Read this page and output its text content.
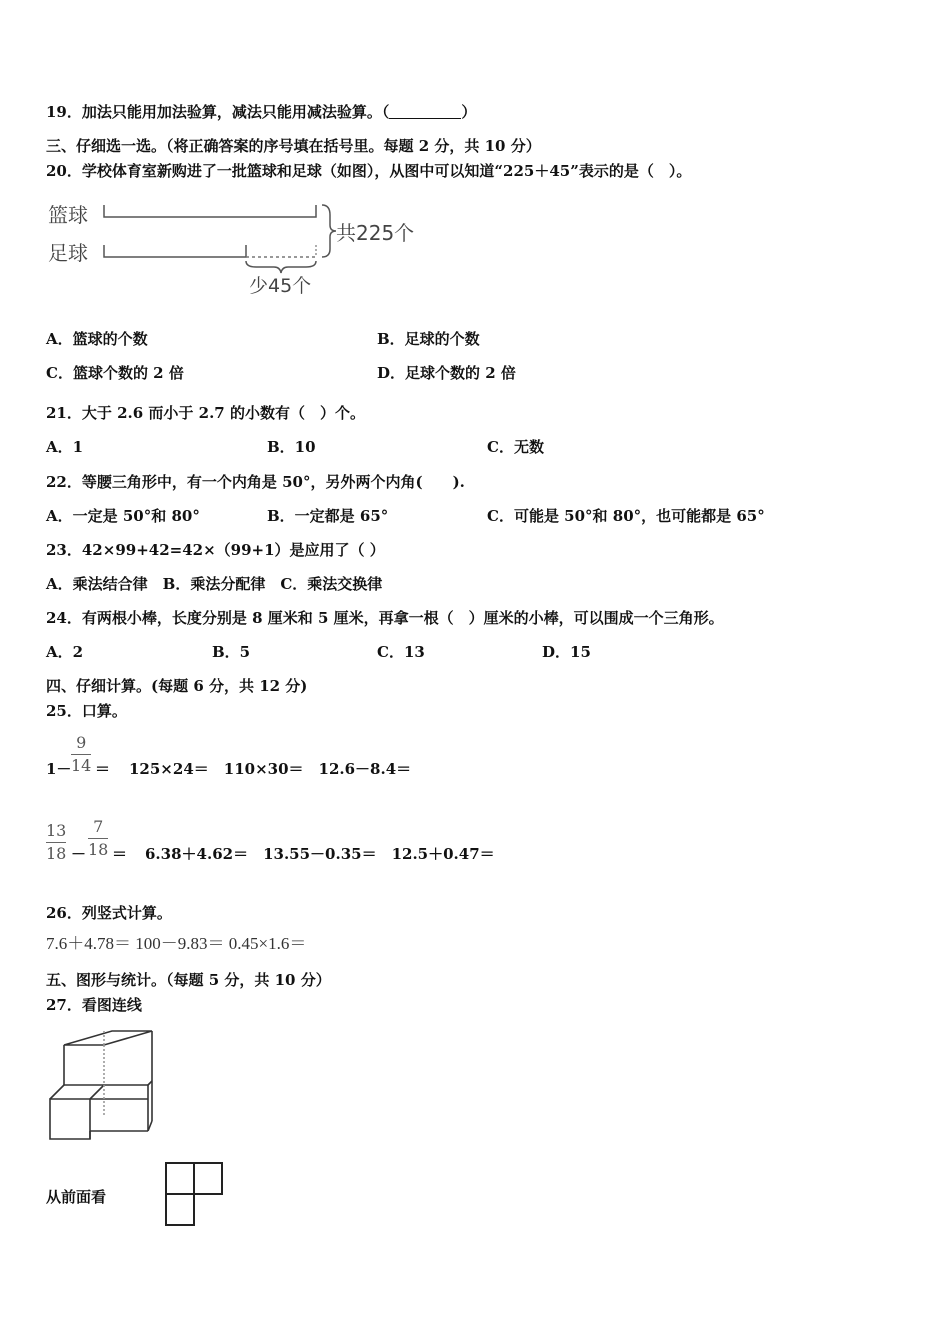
19．加法只能用加法验算，减法只能用减法验算。（	）
三、仔细选一选。（将正确答案的序号填在括号里。每题 2 分，共 10 分）
20．学校体育室新购进了一批篮球和足球（如图），从图中可以知道“225＋45”表示的是（　）。
篮球
足球
共225个
少45个
A．篮球的个数	B．足球的个数
C．篮球个数的 2 倍	D．足球个数的 2 倍
21．大于 2.6 而小于 2.7 的小数有（　）个。
A．1	B．10	C．无数
22．等腰三角形中，有一个内角是 50°，另外两个内角(　　).
A．一定是 50°和 80°	B．一定都是 65°	C．可能是 50°和 80°，也可能都是 65°
23．42×99+42=42×（99+1）是应用了（ ）
A．乘法结合律　B．乘法分配律　C．乘法交换律
24．有两根小棒，长度分别是 8 厘米和 5 厘米，再拿一根（　）厘米的小棒，可以围成一个三角形。
A．2	B．5	C．13	D．15
四、仔细计算。(每题 6 分，共 12 分)
25．口算。
1－
9
14 ＝ 125×24＝　110×30＝　12.6－8.4＝
13
18 －
7
18 ＝ 6.38＋4.62＝　13.55－0.35＝　12.5＋0.47＝
26．列竖式计算。
7.6＋4.78＝ 100－9.83＝ 0.45×1.6＝
五、图形与统计。（每题 5 分，共 10 分）
27．看图连线
从前面看
